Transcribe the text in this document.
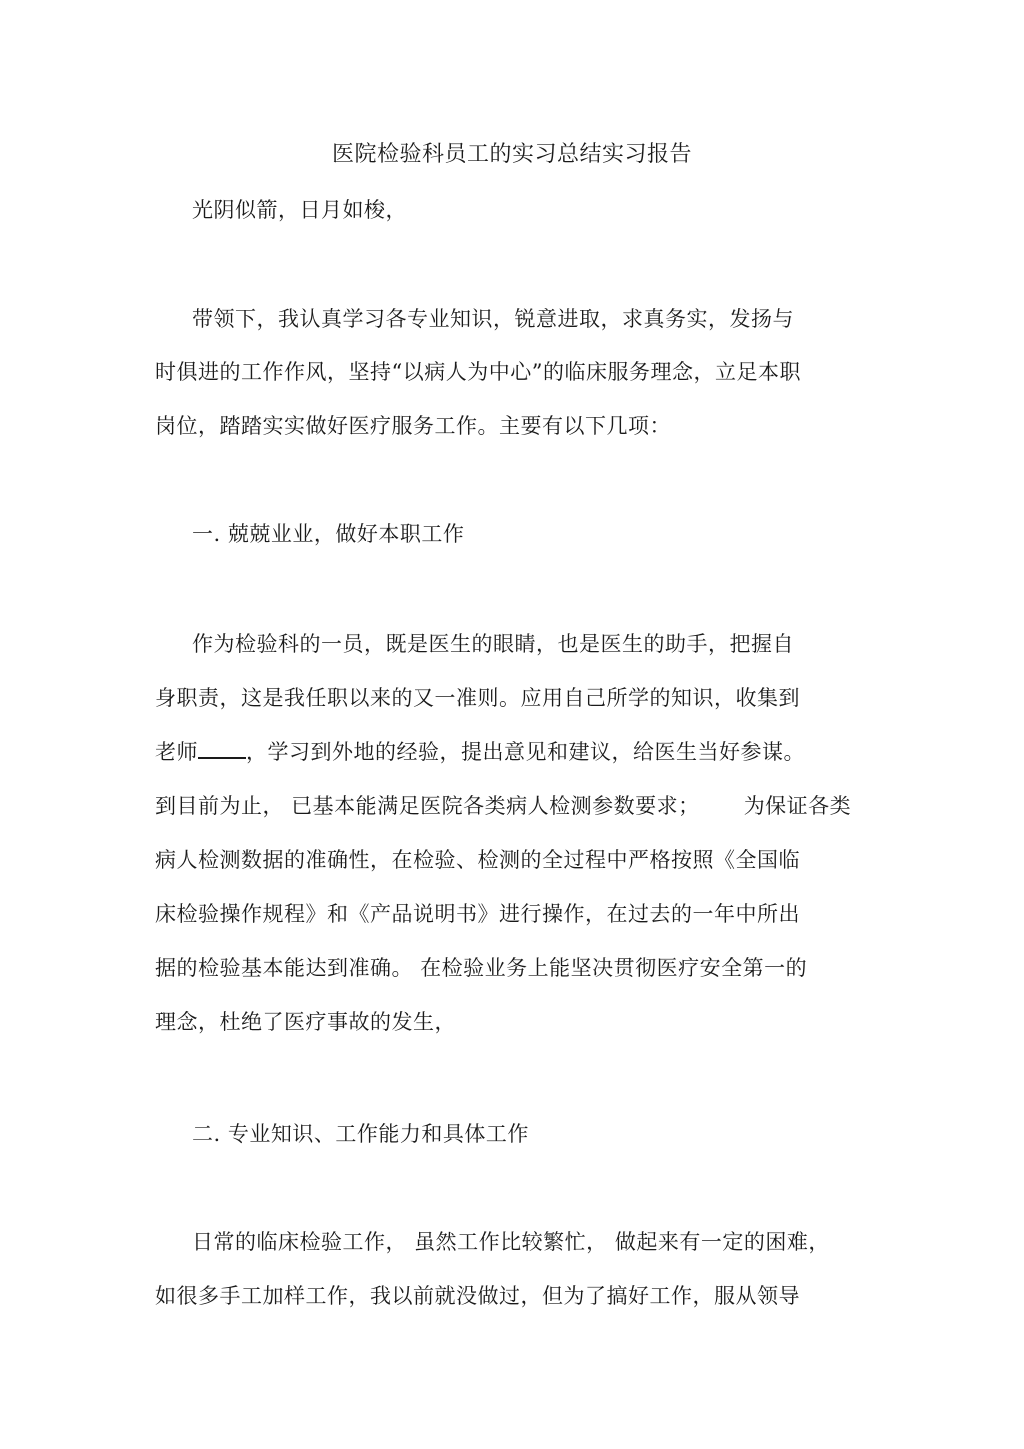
医院检验科员工的实习总结实习报告
光阴似箭，日月如梭，
带领下，我认真学习各专业知识，锐意进取，求真务实，发扬与
时俱进的工作作风，坚持“以病人为中心”的临床服务理念，立足本职
岗位，踏踏实实做好医疗服务工作。主要有以下几项：
一. 兢兢业业，做好本职工作
作为检验科的一员，既是医生的眼睛，也是医生的助手，把握自
身职责，这是我任职以来的又一准则。应用自己所学的知识，收集到
老师 ，学习到外地的经验，提出意见和建议，给医生当好参谋。
到目前为止， 已基本能满足医院各类病人检测参数要求； 为保证各类
病人检测数据的准确性，在检验、检测的全过程中严格按照《全国临
床检验操作规程》和《产品说明书》进行操作，在过去的一年中所出
据的检验基本能达到准确。 在检验业务上能坚决贯彻医疗安全第一的
理念，杜绝了医疗事故的发生，
二. 专业知识、工作能力和具体工作
日常的临床检验工作， 虽然工作比较繁忙， 做起来有一定的困难，
如很多手工加样工作，我以前就没做过，但为了搞好工作，服从领导
